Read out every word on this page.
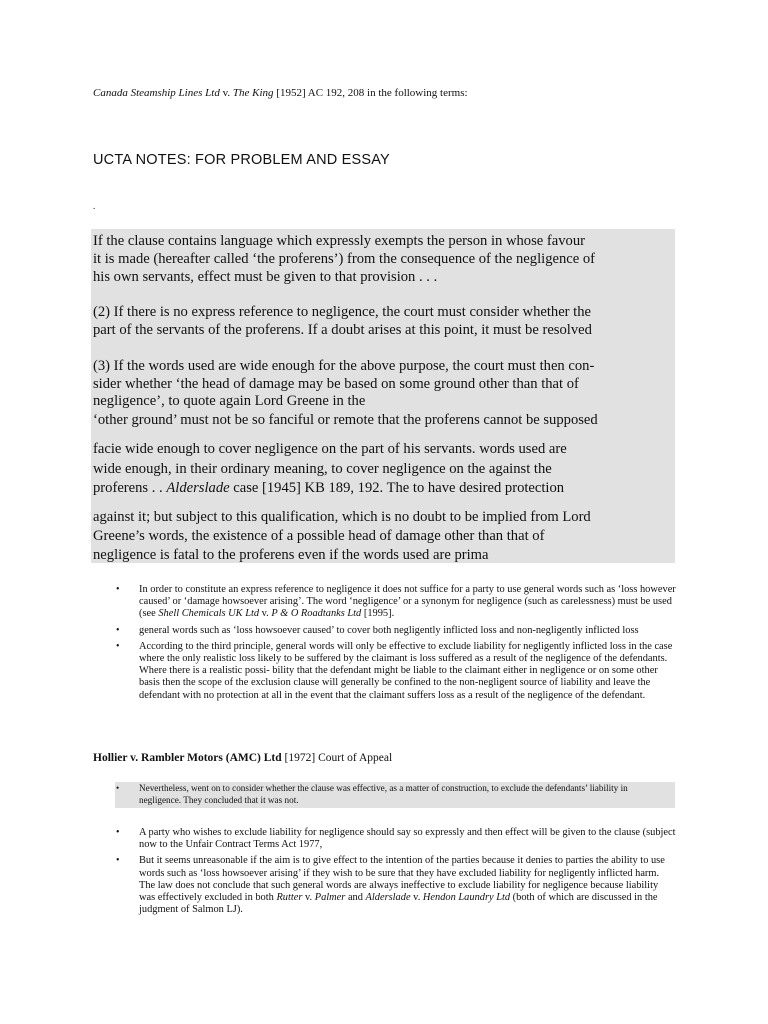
Canada Steamship Lines Ltd v. The King [1952] AC 192, 208 in the following terms:
UCTA NOTES: FOR PROBLEM AND ESSAY
.
If the clause contains language which expressly exempts the person in whose favour
it is made (hereafter called ‘the proferens’) from the consequence of the negligence of
his own servants, effect must be given to that provision . . .
(2) If there is no express reference to negligence, the court must consider whether the
part of the servants of the proferens. If a doubt arises at this point, it must be resolved
(3) If the words used are wide enough for the above purpose, the court must then con-
sider whether ‘the head of damage may be based on some ground other than that of
negligence’, to quote again Lord Greene in the
‘other ground’ must not be so fanciful or remote that the proferens cannot be supposed
facie wide enough to cover negligence on the part of his servants. words used are
wide enough, in their ordinary meaning, to cover negligence on the against the
proferens . . Alderslade case [1945] KB 189, 192. The to have desired protection
against it; but subject to this qualification, which is no doubt to be implied from Lord
Greene’s words, the existence of a possible head of damage other than that of
negligence is fatal to the proferens even if the words used are prima
• In order to constitute an express reference to negligence it does not suffice for a party to use general words such as ‘loss however caused’ or ‘damage howsoever arising’. The word ‘negligence’ or a synonym for negligence (such as carelessness) must be used (see Shell Chemicals UK Ltd v. P & O Roadtanks Ltd [1995].
• general words such as ‘loss howsoever caused’ to cover both negligently inflicted loss and non-negligently inflicted loss
• According to the third principle, general words will only be effective to exclude liability for negligently inflicted loss in the case where the only realistic loss likely to be suffered by the claimant is loss suffered as a result of the negligence of the defendants. Where there is a realistic possi- bility that the defendant might be liable to the claimant either in negligence or on some other basis then the scope of the exclusion clause will generally be confined to the non-negligent source of liability and leave the defendant with no protection at all in the event that the claimant suffers loss as a result of the negligence of the defendant.
Hollier v. Rambler Motors (AMC) Ltd [1972] Court of Appeal
• Nevertheless, went on to consider whether the clause was effective, as a matter of construction, to exclude the defendants’ liability in negligence. They concluded that it was not.
• A party who wishes to exclude liability for negligence should say so expressly and then effect will be given to the clause (subject now to the Unfair Contract Terms Act 1977,
• But it seems unreasonable if the aim is to give effect to the intention of the parties because it denies to parties the ability to use words such as ‘loss howsoever arising’ if they wish to be sure that they have excluded liability for negligently inflicted harm. The law does not conclude that such general words are always ineffective to exclude liability for negligence because liability was effectively excluded in both Rutter v. Palmer and Alderslade v. Hendon Laundry Ltd (both of which are discussed in the judgment of Salmon LJ).
